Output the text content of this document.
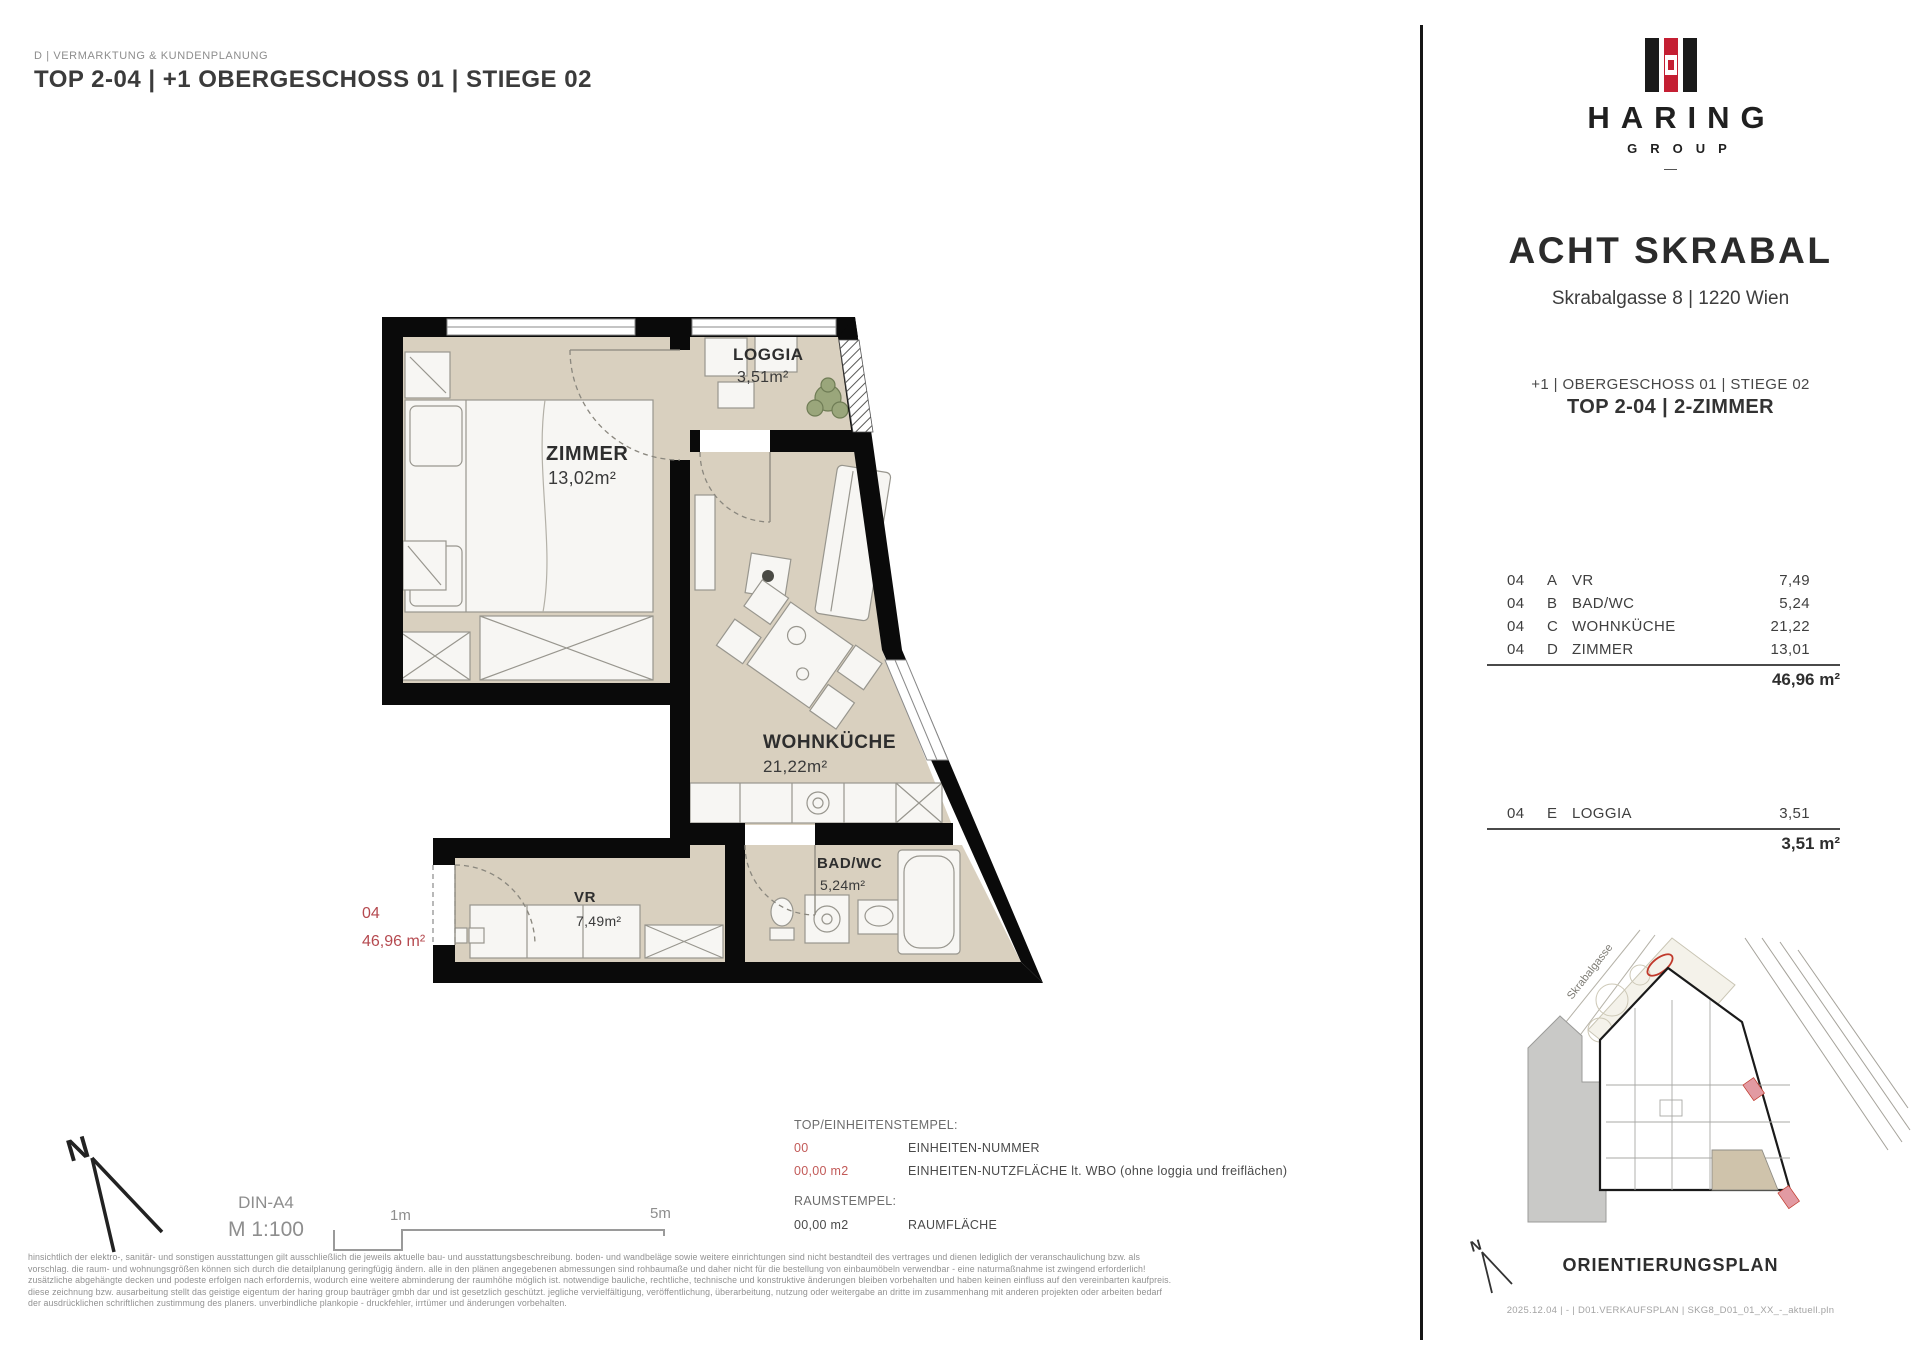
D | VERMARKTUNG & KUNDENPLANUNG
TOP 2-04 | +1 OBERGESCHOSS 01 | STIEGE 02
ZIMMER
13,02m²
LOGGIA
3,51m²
WOHNKÜCHE
21,22m²
BAD/WC
5,24m²
VR
7,49m²
04
46,96 m²
N
DIN-A4
M 1:100
1m	5m
Skrabalgasse
N
TOP/EINHEITENSTEMPEL:
00	EINHEITEN-NUMMER
00,00 m2	EINHEITEN-NUTZFLÄCHE lt. WBO (ohne loggia und freiflächen)
RAUMSTEMPEL:
00,00 m2	RAUMFLÄCHE
hinsichtlich der elektro-, sanitär- und sonstigen ausstattungen gilt ausschließlich die jeweils aktuelle bau- und ausstattungsbeschreibung. boden- und wandbeläge sowie weitere einrichtungen sind nicht bestandteil des vertrages und dienen lediglich der veranschaulichung bzw. als
vorschlag. die raum- und wohnungsgrößen können sich durch die detailplanung geringfügig ändern. alle in den plänen angegebenen abmessungen sind rohbaumaße und daher nicht für die bestellung von einbaumöbeln verwendbar - eine naturmaßnahme ist zwingend erforderlich!
zusätzliche abgehängte decken und podeste erfolgen nach erfordernis, wodurch eine weitere abminderung der raumhöhe möglich ist. notwendige bauliche, rechtliche, technische und konstruktive änderungen bleiben vorbehalten und haben keinen einfluss auf den vereinbarten kaufpreis.
diese zeichnung bzw. ausarbeitung stellt das geistige eigentum der haring group bauträger gmbh dar und ist gesetzlich geschützt. jegliche vervielfältigung, veröffentlichung, überarbeitung, nutzung oder weitergabe an dritte im zusammenhang mit anderen projekten oder arbeiten bedarf
der ausdrücklichen schriftlichen zustimmung des planers. unverbindliche plankopie - druckfehler, irrtümer und änderungen vorbehalten.
HARING
GROUP
—
ACHT SKRABAL
Skrabalgasse 8 | 1220 Wien
+1 | OBERGESCHOSS 01 | STIEGE 02
TOP 2-04 | 2-ZIMMER
04 A VR	7,49
04 B BAD/WC	5,24
04 C WOHNKÜCHE	21,22
04 D ZIMMER	13,01
46,96 m²
04 E LOGGIA	3,51
3,51 m²
ORIENTIERUNGSPLAN
2025.12.04 | - | D01.VERKAUFSPLAN | SKG8_D01_01_XX_-_aktuell.pln
